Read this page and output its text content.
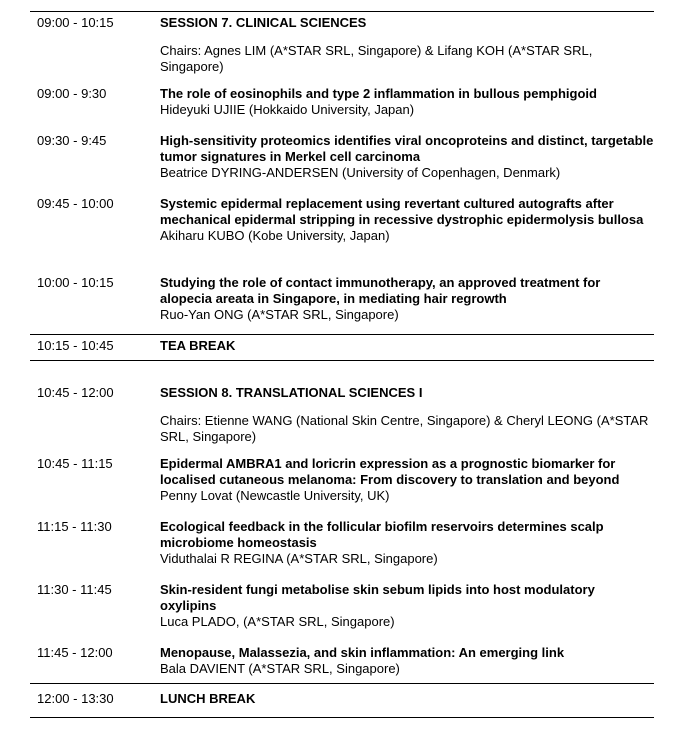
09:00 - 10:15	SESSION 7. CLINICAL SCIENCES
Chairs: Agnes LIM (A*STAR SRL, Singapore) & Lifang KOH (A*STAR SRL, Singapore)
09:00 - 9:30	The role of eosinophils and type 2 inflammation in bullous pemphigoid
Hideyuki UJIIE (Hokkaido University, Japan)
09:30 - 9:45	High-sensitivity proteomics identifies viral oncoproteins and distinct, targetable tumor signatures in Merkel cell carcinoma
Beatrice DYRING-ANDERSEN (University of Copenhagen, Denmark)
09:45 - 10:00	Systemic epidermal replacement using revertant cultured autografts after mechanical epidermal stripping in recessive dystrophic epidermolysis bullosa
Akiharu KUBO (Kobe University, Japan)
10:00 - 10:15	Studying the role of contact immunotherapy, an approved treatment for alopecia areata in Singapore, in mediating hair regrowth
Ruo-Yan ONG (A*STAR SRL, Singapore)
10:15 - 10:45	TEA BREAK
10:45 - 12:00	SESSION 8. TRANSLATIONAL SCIENCES I
Chairs: Etienne WANG (National Skin Centre, Singapore) & Cheryl LEONG (A*STAR SRL, Singapore)
10:45 - 11:15	Epidermal AMBRA1 and loricrin expression as a prognostic biomarker for localised cutaneous melanoma: From discovery to translation and beyond
Penny Lovat (Newcastle University, UK)
11:15 - 11:30	Ecological feedback in the follicular biofilm reservoirs determines scalp microbiome homeostasis
Viduthalai R REGINA (A*STAR SRL, Singapore)
11:30 - 11:45	Skin-resident fungi metabolise skin sebum lipids into host modulatory oxylipins
Luca PLADO, (A*STAR SRL, Singapore)
11:45 - 12:00	Menopause, Malassezia, and skin inflammation: An emerging link
Bala DAVIENT (A*STAR SRL, Singapore)
12:00 - 13:30	LUNCH BREAK
